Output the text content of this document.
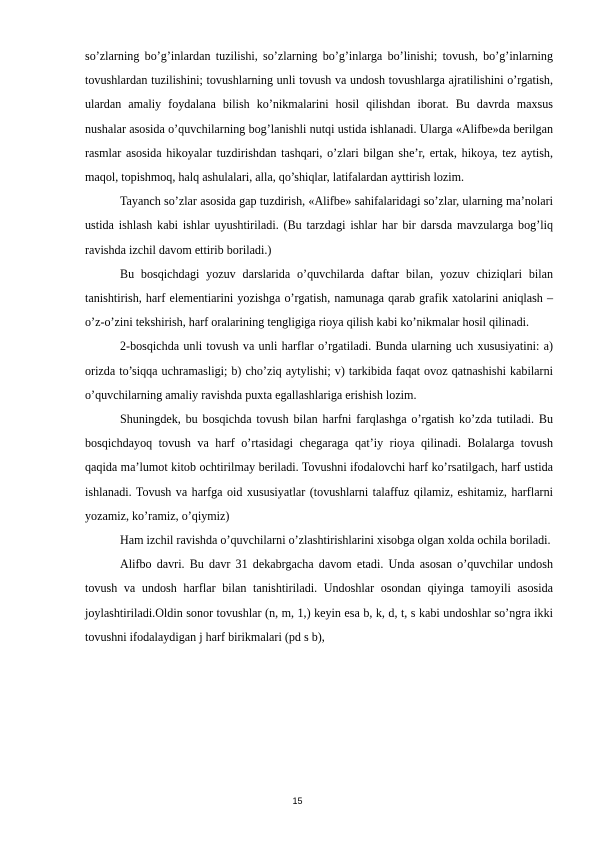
so’zlarning bo’g’inlardan tuzilishi, so’zlarning bo’g’inlarga bo’linishi; tovush, bo’g’inlarning tovushlardan tuzilishini; tovushlarning unli tovush va undosh tovushlarga ajratilishini o’rgatish, ulardan amaliy foydalana bilish ko’nikmalarini hosil qilishdan iborat. Bu davrda maxsus nushalar asosida o’quvchilarning bog’lanishli nutqi ustida ishlanadi. Ularga «Alifbe»da berilgan rasmlar asosida hikoyalar tuzdirishdan tashqari, o’zlari bilgan she’r, ertak, hikoya, tez aytish, maqol, topishmoq, halq ashulalari, alla, qo’shiqlar, latifalardan ayttirish lozim.

Tayanch so’zlar asosida gap tuzdirish, «Alifbe» sahifalaridagi so’zlar, ularning ma’nolari ustida ishlash kabi ishlar uyushtiriladi. (Bu tarzdagi ishlar har bir darsda mavzularga bog’liq ravishda izchil davom ettirib boriladi.)

Bu bosqichdagi yozuv darslarida o’quvchilarda daftar bilan, yozuv chiziqlari bilan tanishtirish, harf elementiarini yozishga o’rgatish, namunaga qarab grafik xatolarini aniqlash – o’z-o’zini tekshirish, harf oralarining tengligiga rioya qilish kabi ko’nikmalar hosil qilinadi.

2-bosqichda unli tovush va unli harflar o’rgatiladi. Bunda ularning uch xususiyatini: a) orizda to’siqqa uchramasligi; b) cho’ziq aytylishi; v) tarkibida faqat ovoz qatnashishi kabilarni o’quvchilarning amaliy ravishda puxta egallashlariga erishish lozim.

Shuningdek, bu bosqichda tovush bilan harfni farqlashga o’rgatish ko’zda tutiladi. Bu bosqichdayoq tovush va harf o’rtasidagi chegaraga qat’iy rioya qilinadi. Bolalarga tovush qaqida ma’lumot kitob ochtirilmay beriladi. Tovushni ifodalovchi harf ko’rsatilgach, harf ustida ishlanadi. Tovush va harfga oid xususiyatlar (tovushlarni talaffuz qilamiz, eshitamiz, harflarni yozamiz, ko’ramiz, o’qiymiz)

Ham izchil ravishda o’quvchilarni o’zlashtirishlarini xisobga olgan xolda ochila boriladi.

Alifbo davri. Bu davr 31 dekabrgacha davom etadi. Unda asosan o’quvchilar undosh tovush va undosh harflar bilan tanishtiriladi. Undoshlar osondan qiyinga tamoyili asosida joylashtiriladi.Oldin sonor tovushlar (n, m, 1,) keyin esa b, k, d, t, s kabi undoshlar so’ngra ikki tovushni ifodalaydigan j harf birikmalari (pd s b),

15
